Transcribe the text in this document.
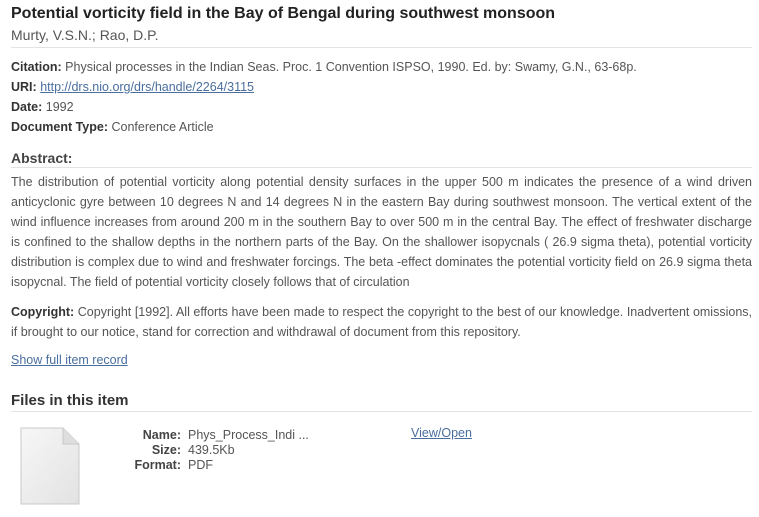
Potential vorticity field in the Bay of Bengal during southwest monsoon
Murty, V.S.N.; Rao, D.P.
Citation: Physical processes in the Indian Seas. Proc. 1 Convention ISPSO, 1990. Ed. by: Swamy, G.N., 63-68p.
URI: http://drs.nio.org/drs/handle/2264/3115
Date: 1992
Document Type: Conference Article
Abstract:
The distribution of potential vorticity along potential density surfaces in the upper 500 m indicates the presence of a wind driven anticyclonic gyre between 10 degrees N and 14 degrees N in the eastern Bay during southwest monsoon. The vertical extent of the wind influence increases from around 200 m in the southern Bay to over 500 m in the central Bay. The effect of freshwater discharge is confined to the shallow depths in the northern parts of the Bay. On the shallower isopycnals ( 26.9 sigma theta), potential vorticity distribution is complex due to wind and freshwater forcings. The beta -effect dominates the potential vorticity field on 26.9 sigma theta isopycnal. The field of potential vorticity closely follows that of circulation
Copyright: Copyright [1992]. All efforts have been made to respect the copyright to the best of our knowledge. Inadvertent omissions, if brought to our notice, stand for correction and withdrawal of document from this repository.
Show full item record
Files in this item
Name: Phys_Process_Indi ...
Size: 439.5Kb
Format: PDF
View/Open
